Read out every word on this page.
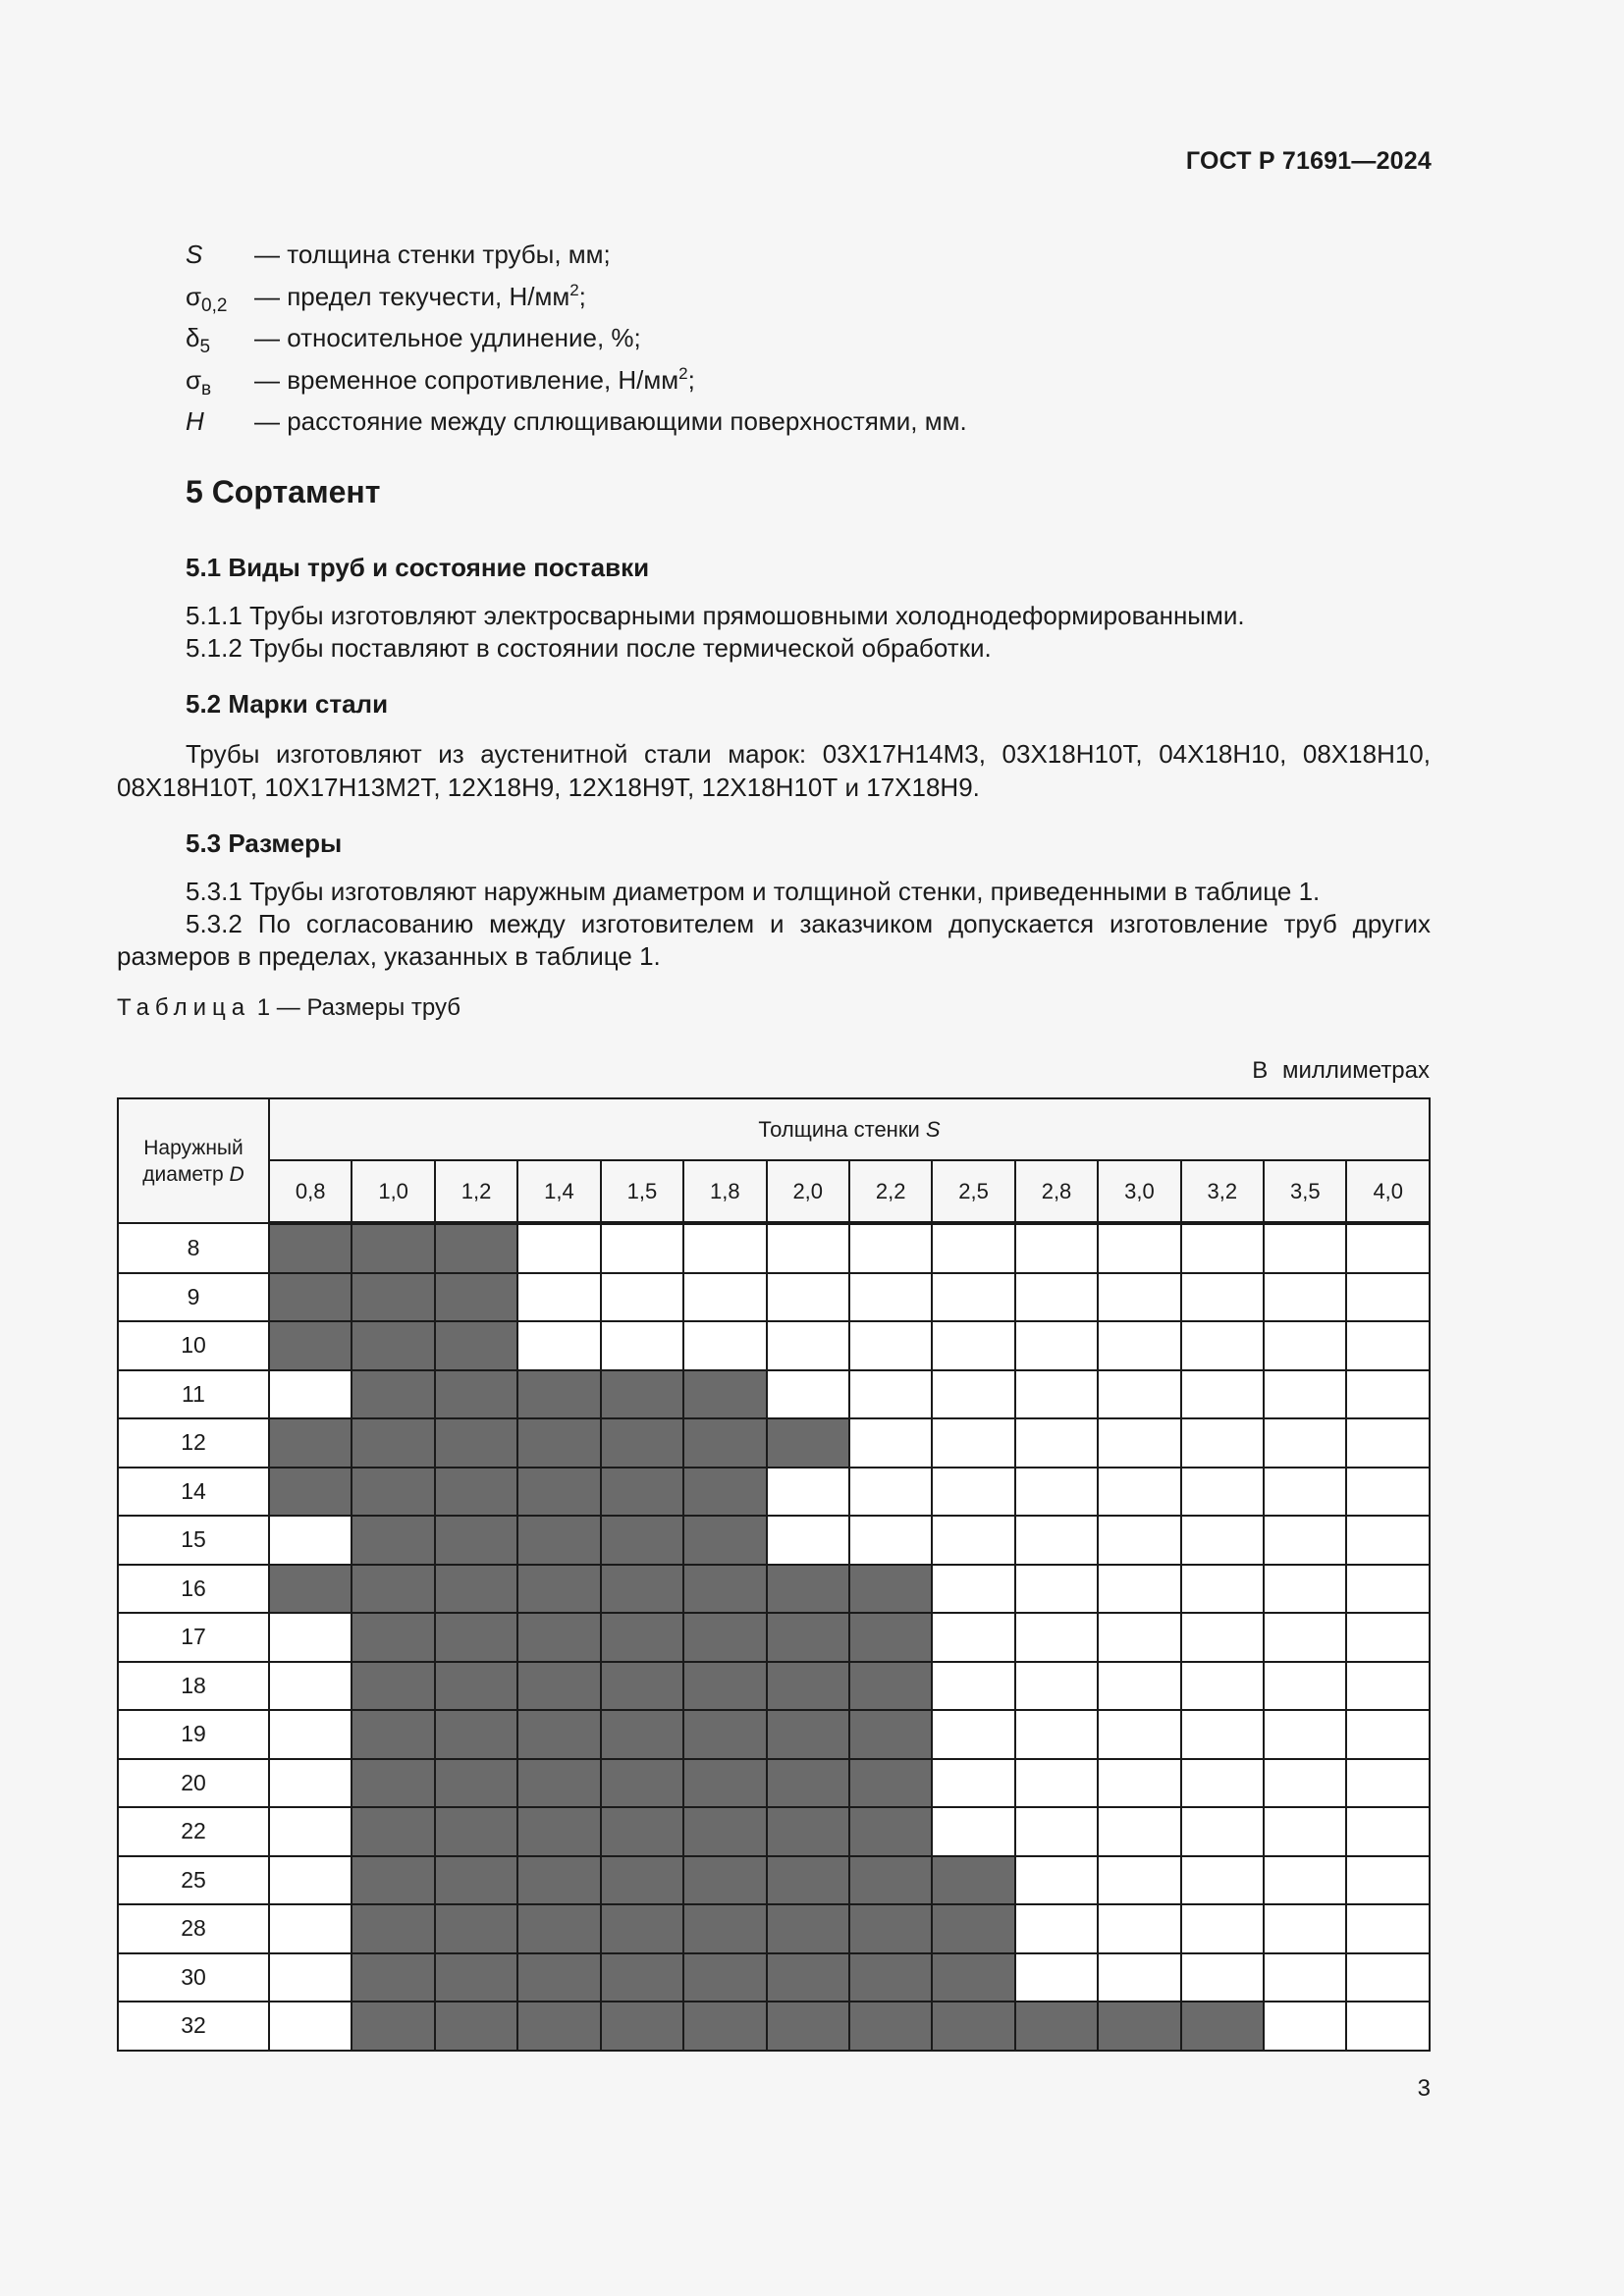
ГОСТ Р 71691—2024
S	— толщина стенки трубы, мм;
$\sigma_{0,2}$	— предел текучести, $Н/мм^2$;
$\delta_5$	— относительное удлинение, %;
$\sigma_в$	— временное сопротивление, $Н/мм^2$;
H	— расстояние между сплющивающими поверхностями, мм.
5 Сортамент
5.1 Виды труб и состояние поставки
5.1.1 Трубы изготовляют электросварными прямошовными холоднодеформированными.
5.1.2 Трубы поставляют в состоянии после термической обработки.
5.2 Марки стали
Трубы изготовляют из аустенитной стали марок: 03Х17Н14М3, 03Х18Н10Т, 04Х18Н10, 08Х18Н10,
08Х18Н10Т, 10Х17Н13М2Т, 12Х18Н9, 12Х18Н9Т, 12Х18Н10Т и 17Х18Н9.
5.3 Размеры
5.3.1 Трубы изготовляют наружным диаметром и толщиной стенки, приведенными в таблице 1.
5.3.2 По согласованию между изготовителем и заказчиком допускается изготовление труб других
размеров в пределах, указанных в таблице 1.
Таблица 1 — Размеры труб
В миллиметрах
Наружный
диаметр D	Толщина стенки S													
	0,8	1,0	1,2	1,4	1,5	1,8	2,0	2,2	2,5	2,8	3,0	3,2	3,5	4,0
8														
9														
10														
11														
12														
14														
15														
16														
17														
18														
19														
20														
22														
25														
28														
30														
32														
3
